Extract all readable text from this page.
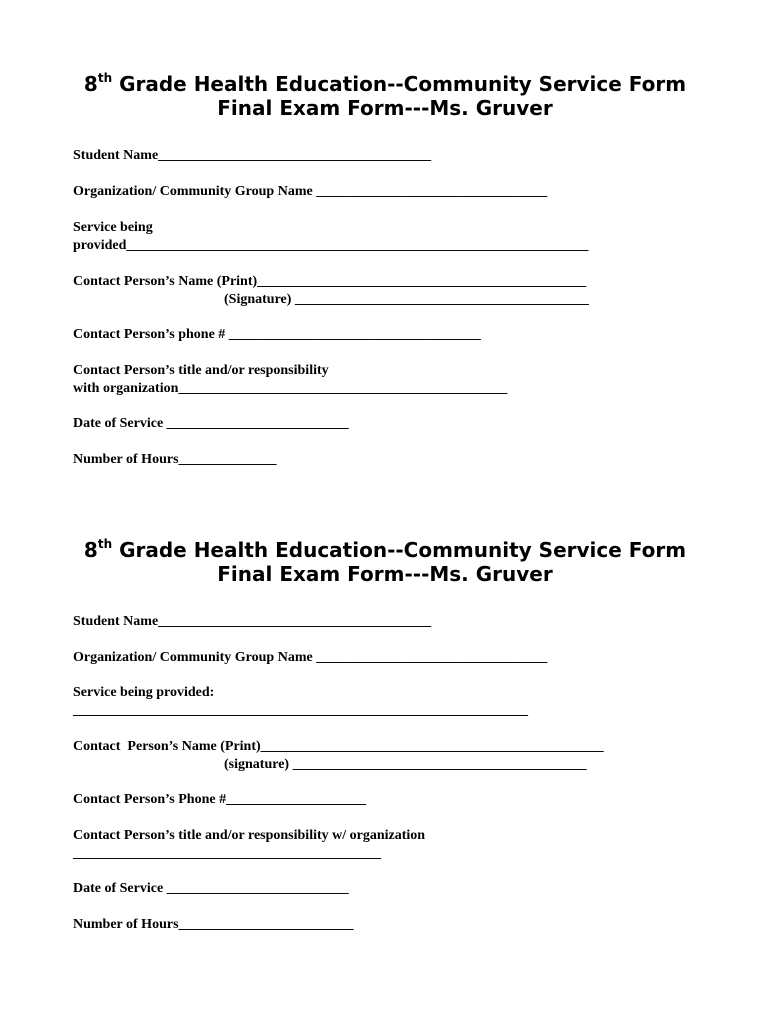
8th Grade Health Education--Community Service Form
Final Exam Form---Ms. Gruver
Student Name_______________________________________
Organization/ Community Group Name _________________________________
Service being
provided__________________________________________________________________
Contact Person’s Name (Print)_______________________________________________
(Signature) __________________________________________
Contact Person’s phone # ____________________________________
Contact Person’s title and/or responsibility
with organization_______________________________________________
Date of Service __________________________
Number of Hours______________
8th Grade Health Education--Community Service Form
Final Exam Form---Ms. Gruver
Student Name_______________________________________
Organization/ Community Group Name _________________________________
Service being provided:
_________________________________________________________________
Contact  Person’s Name (Print)_________________________________________________
(signature) __________________________________________
Contact Person’s Phone #____________________
Contact Person’s title and/or responsibility w/ organization
____________________________________________
Date of Service __________________________
Number of Hours_________________________
